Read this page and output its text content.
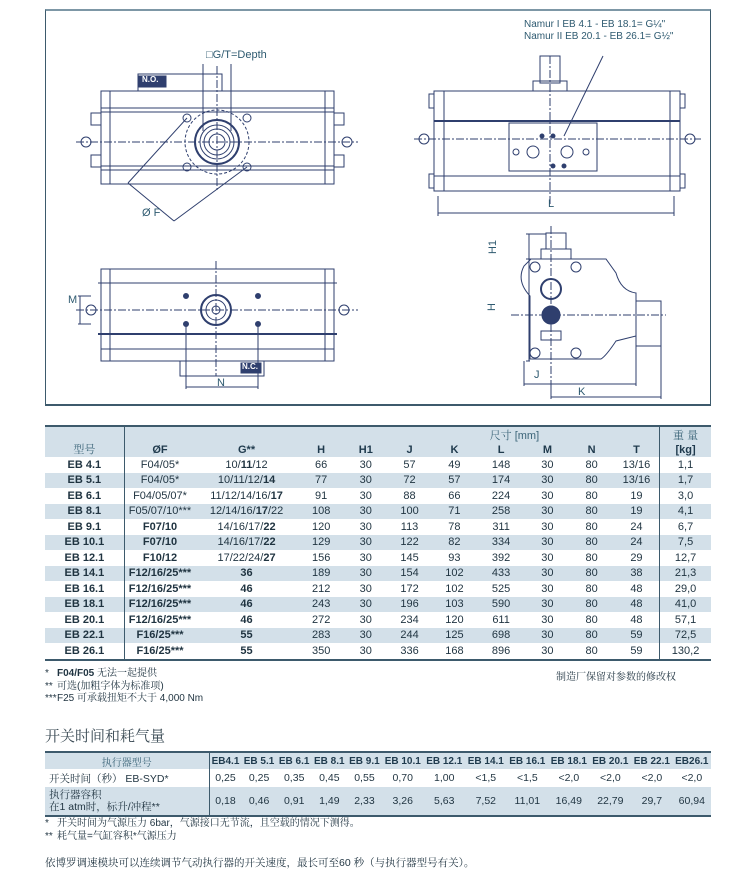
□G/T=Depth
N.O.
Ø F
M
N
N.C.
L
H1
H
J
K
Namur I EB 4.1 - EB 18.1= G¼"
Namur II EB 20.1 - EB 26.1= G½"
型号	尺寸 [mm]										重 量
	ØF	G**	H	H1	J	K	L	M	N	T	[kg]
EB 4.1	F04/05*	10/11/12	66	30	57	49	148	30	80	13/16	1,1
EB 5.1	F04/05*	10/11/12/14	77	30	72	57	174	30	80	13/16	1,7
EB 6.1	F04/05/07*	11/12/14/16/17	91	30	88	66	224	30	80	19	3,0
EB 8.1	F05/07/10***	12/14/16/17/22	108	30	100	71	258	30	80	19	4,1
EB 9.1	F07/10	14/16/17/22	120	30	113	78	311	30	80	24	6,7
EB 10.1	F07/10	14/16/17/22	129	30	122	82	334	30	80	24	7,5
EB 12.1	F10/12	17/22/24/27	156	30	145	93	392	30	80	29	12,7
EB 14.1	F12/16/25***	36	189	30	154	102	433	30	80	38	21,3
EB 16.1	F12/16/25***	46	212	30	172	102	525	30	80	48	29,0
EB 18.1	F12/16/25***	46	243	30	196	103	590	30	80	48	41,0
EB 20.1	F12/16/25***	46	272	30	234	120	611	30	80	48	57,1
EB 22.1	F16/25***	55	283	30	244	125	698	30	80	59	72,5
EB 26.1	F16/25***	55	350	30	336	168	896	30	80	59	130,2
* F04/F05 无法一起提供
** 可选(加粗字体为标准项)
***F25 可承载扭矩不大于 4,000 Nm
制造厂保留对参数的修改权
开关时间和耗气量
执行器型号	EB4.1	EB 5.1	EB 6.1	EB 8.1	EB 9.1	EB 10.1	EB 12.1	EB 14.1	EB 16.1	EB 18.1	EB 20.1	EB 22.1	EB26.1
开关时间（秒） EB-SYD*	0,25	0,25	0,35	0,45	0,55	0,70	1,00	<1,5	<1,5	<2,0	<2,0	<2,0	<2,0

执行器容积
在1 atm时，标升/冲程**	0,18	0,46	0,91	1,49	2,33	3,26	5,63	7,52	11,01	16,49	22,79	29,7	60,94
* 开关时间为气源压力 6bar，气源接口无节流，且空载的情况下测得。
** 耗气量=气缸容积*气源压力
依博罗调速模块可以连续调节气动执行器的开关速度，最长可至60 秒（与执行器型号有关）。
